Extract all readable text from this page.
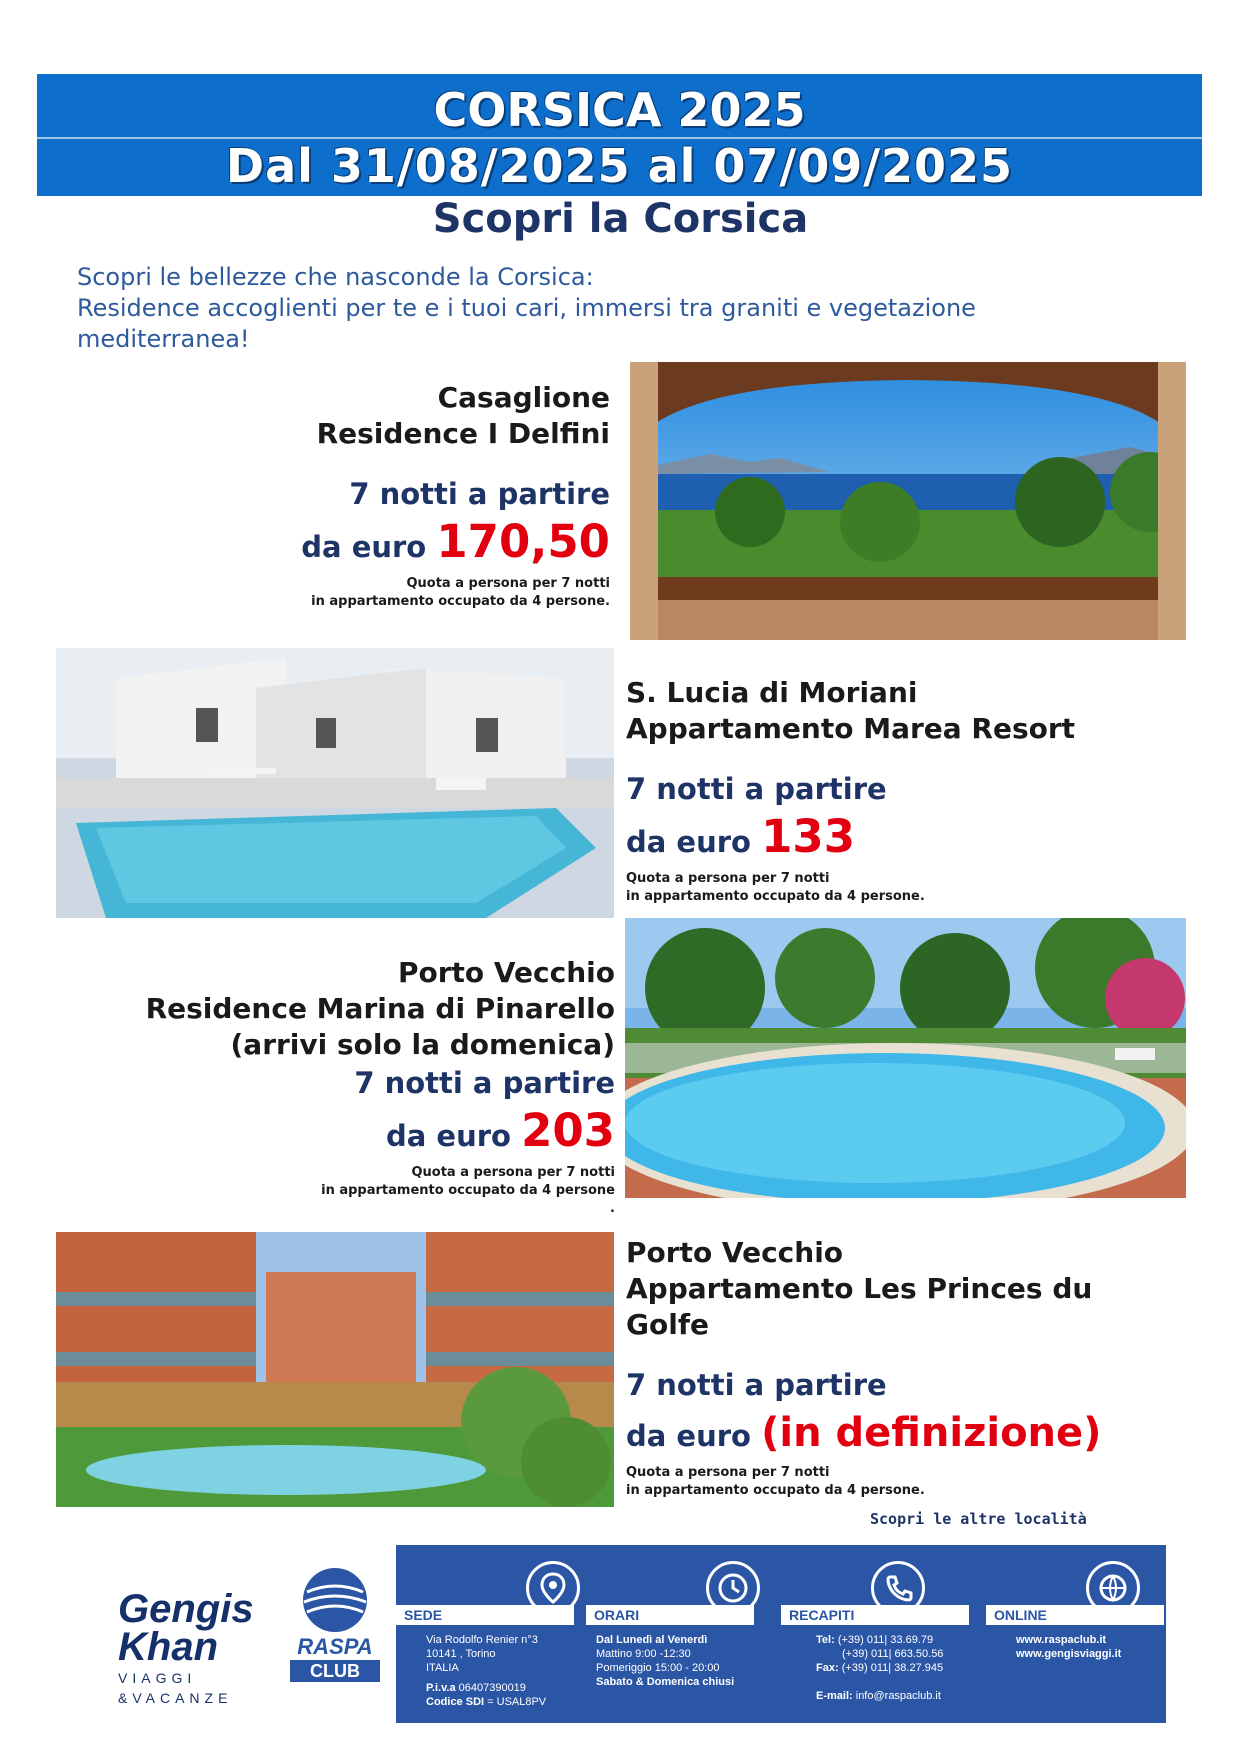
CORSICA 2025
Dal 31/08/2025 al 07/09/2025
Scopri la Corsica
Scopri le bellezze che nasconde la Corsica:
Residence accoglienti per te e i tuoi cari, immersi tra graniti e vegetazione
mediterranea!
Casaglione
Residence I Delfini
7 notti a partire
da euro 170,50
Quota a persona per 7 notti
in appartamento occupato da 4 persone.
S. Lucia di Moriani
Appartamento Marea Resort
7 notti a partire
da euro 133
Quota a persona per 7 notti
in appartamento occupato da 4 persone.
Porto Vecchio
Residence Marina di Pinarello
(arrivi solo la domenica)
7 notti a partire
da euro 203
Quota a persona per 7 notti
in appartamento occupato da 4 persone
.
Porto Vecchio
Appartamento Les Princes du
Golfe
7 notti a partire
da euro (in definizione)
Quota a persona per 7 notti
in appartamento occupato da 4 persone.
Scopri le altre località
Gengis
Khan
VIAGGI
&VACANZE
RASPA
CLUB
SEDE
Via Rodolfo Renier n°3
10141 , Torino
ITALIA
P.i.v.a 06407390019
Codice SDI = USAL8PV
ORARI
Dal Lunedì al Venerdì
Mattino 9:00 -12:30
Pomeriggio 15:00 - 20:00
Sabato & Domenica chiusi
RECAPITI
Tel: (+39) 011| 33.69.79
(+39) 011| 663.50.56
Fax: (+39) 011| 38.27.945
E-mail: info@raspaclub.it
ONLINE
www.raspaclub.it
www.gengisviaggi.it
